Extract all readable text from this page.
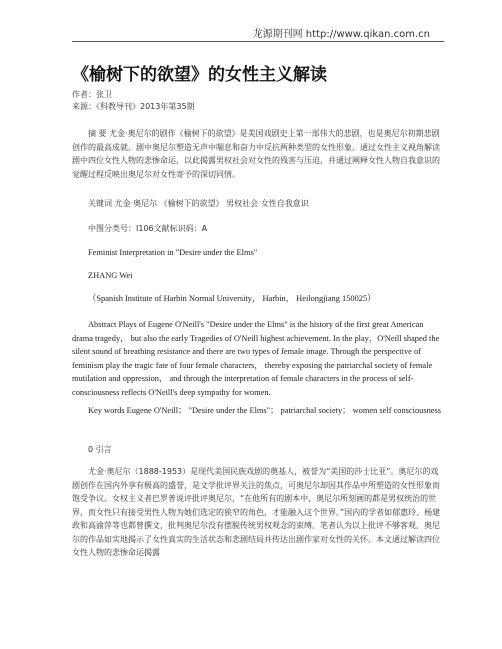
龙源期刊网 http://www.qikan.com.cn
《榆树下的欲望》的女性主义解读
作者：张卫
来源：《科教导刊》2013年第35期
摘 要 尤金·奥尼尔的剧作《榆树下的欲望》是美国戏剧史上第一部伟大的悲剧，也是奥尼尔初期悲剧创作的最高成就。剧中奥尼尔塑造无声中喘息和奋力中反抗两种类型的女性形象。通过女性主义视角解读剧中四位女性人物的悲惨命运，以此揭露男权社会对女性的残害与压迫，并通过阐释女性人物自我意识的觉醒过程反映出奥尼尔对女性寄予的深切同情。
关键词 尤金·奥尼尔 《榆树下的欲望》 男权社会 女性自我意识
中图分类号：I106文献标识码：A
Feminist Interpretation in "Desire under the Elms"
ZHANG Wei
（Spanish Institute of Harbin Normal University， Harbin， Heilongjiang 150025）
Abstract Plays of Eugene O'Neill's "Desire under the Elms" is the history of the first great American drama tragedy， but also the early Tragedies of O'Neill highest achievement. In the play，O'Neill shaped the silent sound of breathing resistance and there are two types of female image. Through the perspective of feminism play the tragic fate of four female characters， thereby exposing the patriarchal society of female mutilation and oppression， and through the interpretation of female characters in the process of self-consciousness reflects O'Neill's deep sympathy for women.
Key words Eugene O'Neill； "Desire under the Elms"； patriarchal society； women self consciousness
0 引言
尤金·奥尼尔（1888-1953）是现代美国民族戏剧的奠基人，被誉为“美国的莎士比亚”。奥尼尔的戏剧创作在国内外享有极高的盛誉，是文学批评界关注的焦点，可奥尼尔却因其作品中所塑造的女性形象而饱受争议。女权主义者巴罗普说评批评奥尼尔，“在他所有的剧本中，奥尼尔所刻画的都是男权统治的世界，而女性只有接受男性人物为她们选定的狭窄的角色，才能融入这个世界。”国内的学者如郁惠玲、杨建政和高渝萍等也都曾撰文，批判奥尼尔没有摆脱传统男权观念的束缚。笔者认为以上批评不够客观。奥尼尔的作品如实地揭示了女性真实的生活状态和悲剧结局并传达出剧作家对女性的关怀。本文通过解读四位女性人物的悲惨命运揭露
